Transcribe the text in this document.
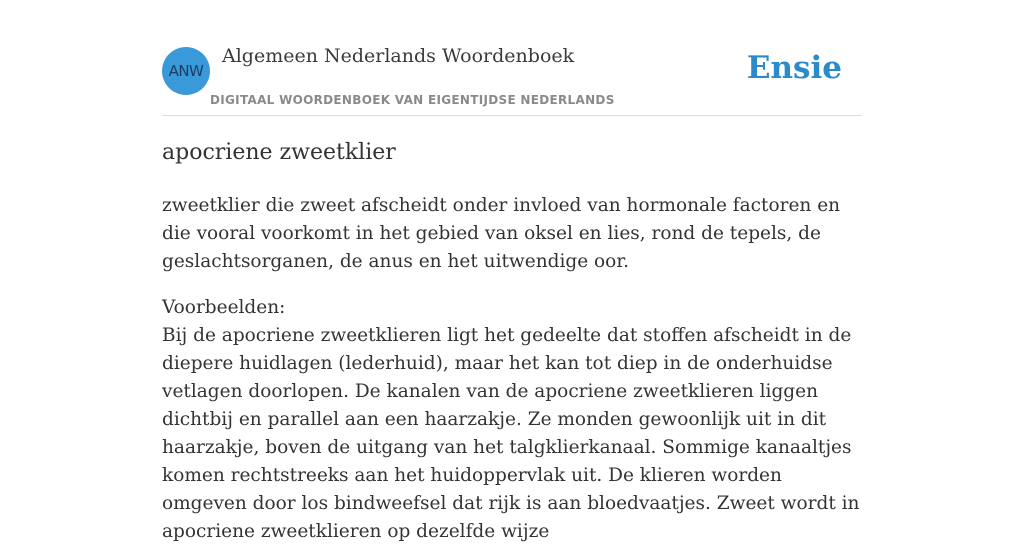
ANW
Algemeen Nederlands Woordenboek
DIGITAAL WOORDENBOEK VAN EIGENTIJDSE NEDERLANDS
Ensie
apocriene zweetklier

zweetklier die zweet afscheidt onder invloed van hormonale factoren en die vooral voorkomt in het gebied van oksel en lies, rond de tepels, de geslachtsorganen, de anus en het uitwendige oor.

Voorbeelden:
Bij de apocriene zweetklieren ligt het gedeelte dat stoffen afscheidt in de diepere huidlagen (lederhuid), maar het kan tot diep in de onderhuidse vetlagen doorlopen. De kanalen van de apocriene zweetklieren liggen dichtbij en parallel aan een haarzakje. Ze monden gewoonlijk uit in dit haarzakje, boven de uitgang van het talgklierkanaal. Sommige kanaaltjes komen rechtstreeks aan het huidoppervlak uit. De klieren worden omgeven door los bindweefsel dat rijk is aan bloedvaatjes. Zweet wordt in apocriene zweetklieren op dezelfde wijze
